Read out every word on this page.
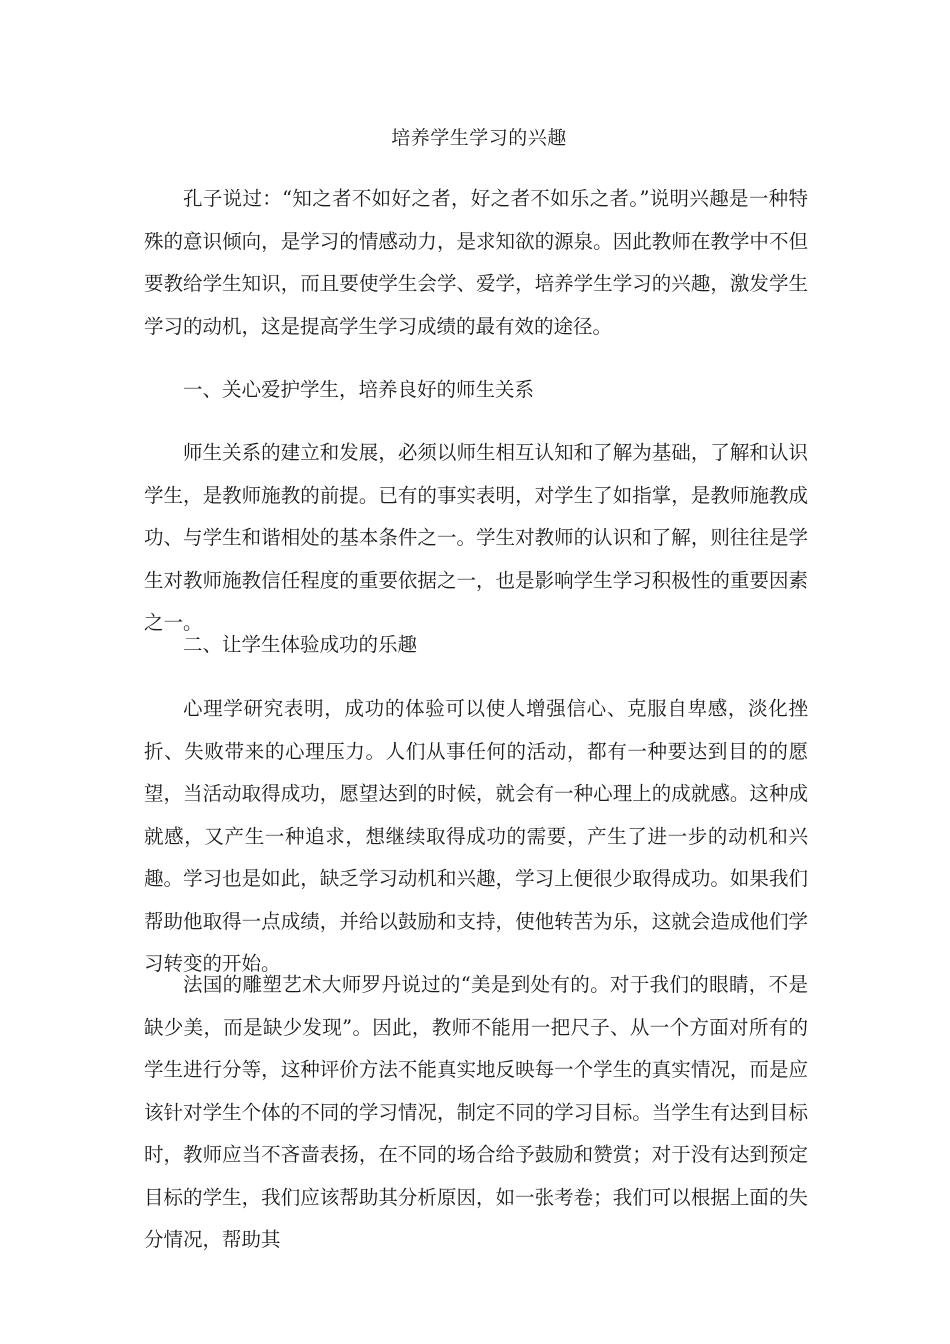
培养学生学习的兴趣

孔子说过：“知之者不如好之者，好之者不如乐之者。”说明兴趣是一种特殊的意识倾向，是学习的情感动力，是求知欲的源泉。因此教师在教学中不但要教给学生知识，而且要使学生会学、爱学，培养学生学习的兴趣，激发学生学习的动机，这是提高学生学习成绩的最有效的途径。

一、关心爱护学生，培养良好的师生关系

师生关系的建立和发展，必须以师生相互认知和了解为基础，了解和认识学生，是教师施教的前提。已有的事实表明，对学生了如指掌，是教师施教成功、与学生和谐相处的基本条件之一。学生对教师的认识和了解，则往往是学生对教师施教信任程度的重要依据之一，也是影响学生学习积极性的重要因素之一。

二、让学生体验成功的乐趣

心理学研究表明，成功的体验可以使人增强信心、克服自卑感，淡化挫折、失败带来的心理压力。人们从事任何的活动，都有一种要达到目的的愿望，当活动取得成功，愿望达到的时候，就会有一种心理上的成就感。这种成就感，又产生一种追求，想继续取得成功的需要，产生了进一步的动机和兴趣。学习也是如此，缺乏学习动机和兴趣，学习上便很少取得成功。如果我们帮助他取得一点成绩，并给以鼓励和支持，使他转苦为乐，这就会造成他们学习转变的开始。

法国的雕塑艺术大师罗丹说过的“美是到处有的。对于我们的眼睛，不是缺少美，而是缺少发现”。因此，教师不能用一把尺子、从一个方面对所有的学生进行分等，这种评价方法不能真实地反映每一个学生的真实情况，而是应该针对学生个体的不同的学习情况，制定不同的学习目标。当学生有达到目标时，教师应当不吝啬表扬，在不同的场合给予鼓励和赞赏；对于没有达到预定目标的学生，我们应该帮助其分析原因，如一张考卷；我们可以根据上面的失分情况，帮助其
